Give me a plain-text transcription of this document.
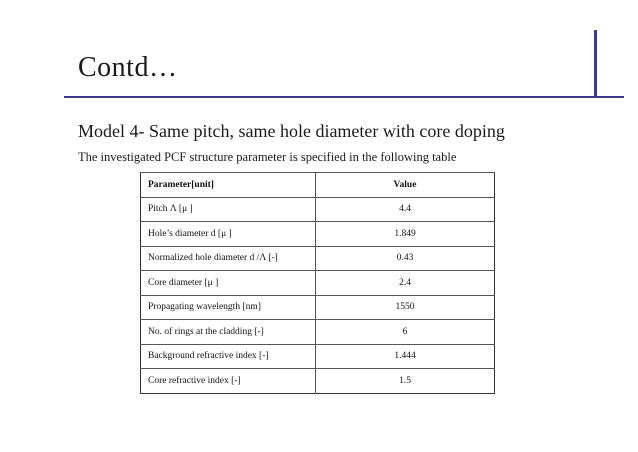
Contd…
Model 4- Same pitch, same hole diameter with core doping
The investigated PCF structure parameter is specified in the following table
Parameter[unit]	Value
Pitch Λ [μ ]	4.4
Hole’s diameter d [μ ]	1.849
Normalized hole diameter d /Λ [-]	0.43
Core diameter [μ ]	2.4
Propagating wavelength [nm]	1550
No. of rings at the cladding [-]	6
Background refractive index [-]	1.444
Core refractive index [-]	1.5
